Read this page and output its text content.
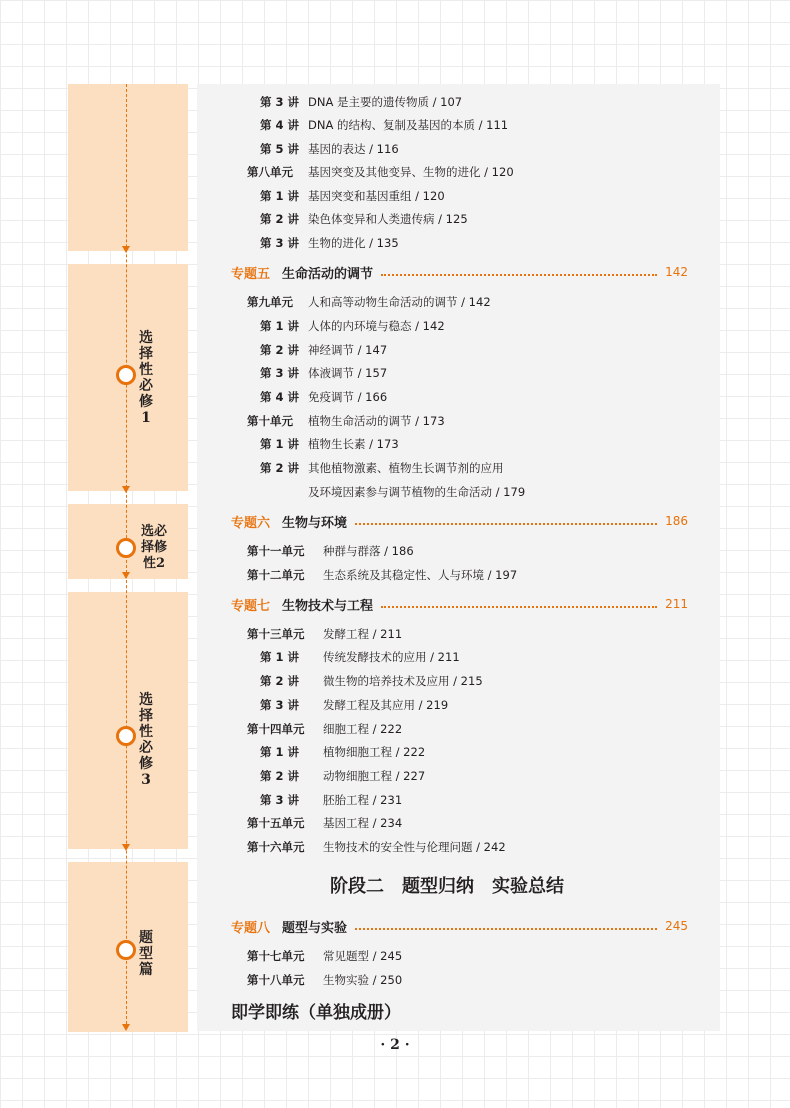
选择性必修1
选必择修性2
选择性必修3
题型篇
第 3 讲 DNA 是主要的遗传物质 / 107
第 4 讲 DNA 的结构、复制及基因的本质 / 111
第 5 讲 基因的表达 / 116
第八单元 基因突变及其他变异、生物的进化 / 120
第 1 讲 基因突变和基因重组 / 120
第 2 讲 染色体变异和人类遗传病 / 125
第 3 讲 生物的进化 / 135
专题五 生命活动的调节	142
第九单元 人和高等动物生命活动的调节 / 142
第 1 讲 人体的内环境与稳态 / 142
第 2 讲 神经调节 / 147
第 3 讲 体液调节 / 157
第 4 讲 免疫调节 / 166
第十单元 植物生命活动的调节 / 173
第 1 讲 植物生长素 / 173
第 2 讲 其他植物激素、植物生长调节剂的应用
及环境因素参与调节植物的生命活动 / 179
专题六 生物与环境	186
第十一单元 种群与群落 / 186
第十二单元 生态系统及其稳定性、人与环境 / 197
专题七 生物技术与工程	211
第十三单元 发酵工程 / 211
第 1 讲 传统发酵技术的应用 / 211
第 2 讲 微生物的培养技术及应用 / 215
第 3 讲 发酵工程及其应用 / 219
第十四单元 细胞工程 / 222
第 1 讲 植物细胞工程 / 222
第 2 讲 动物细胞工程 / 227
第 3 讲 胚胎工程 / 231
第十五单元 基因工程 / 234
第十六单元 生物技术的安全性与伦理问题 / 242
阶段二　题型归纳　实验总结
专题八 题型与实验	245
第十七单元 常见题型 / 245
第十八单元 生物实验 / 250
即学即练（单独成册）
· 2 ·
